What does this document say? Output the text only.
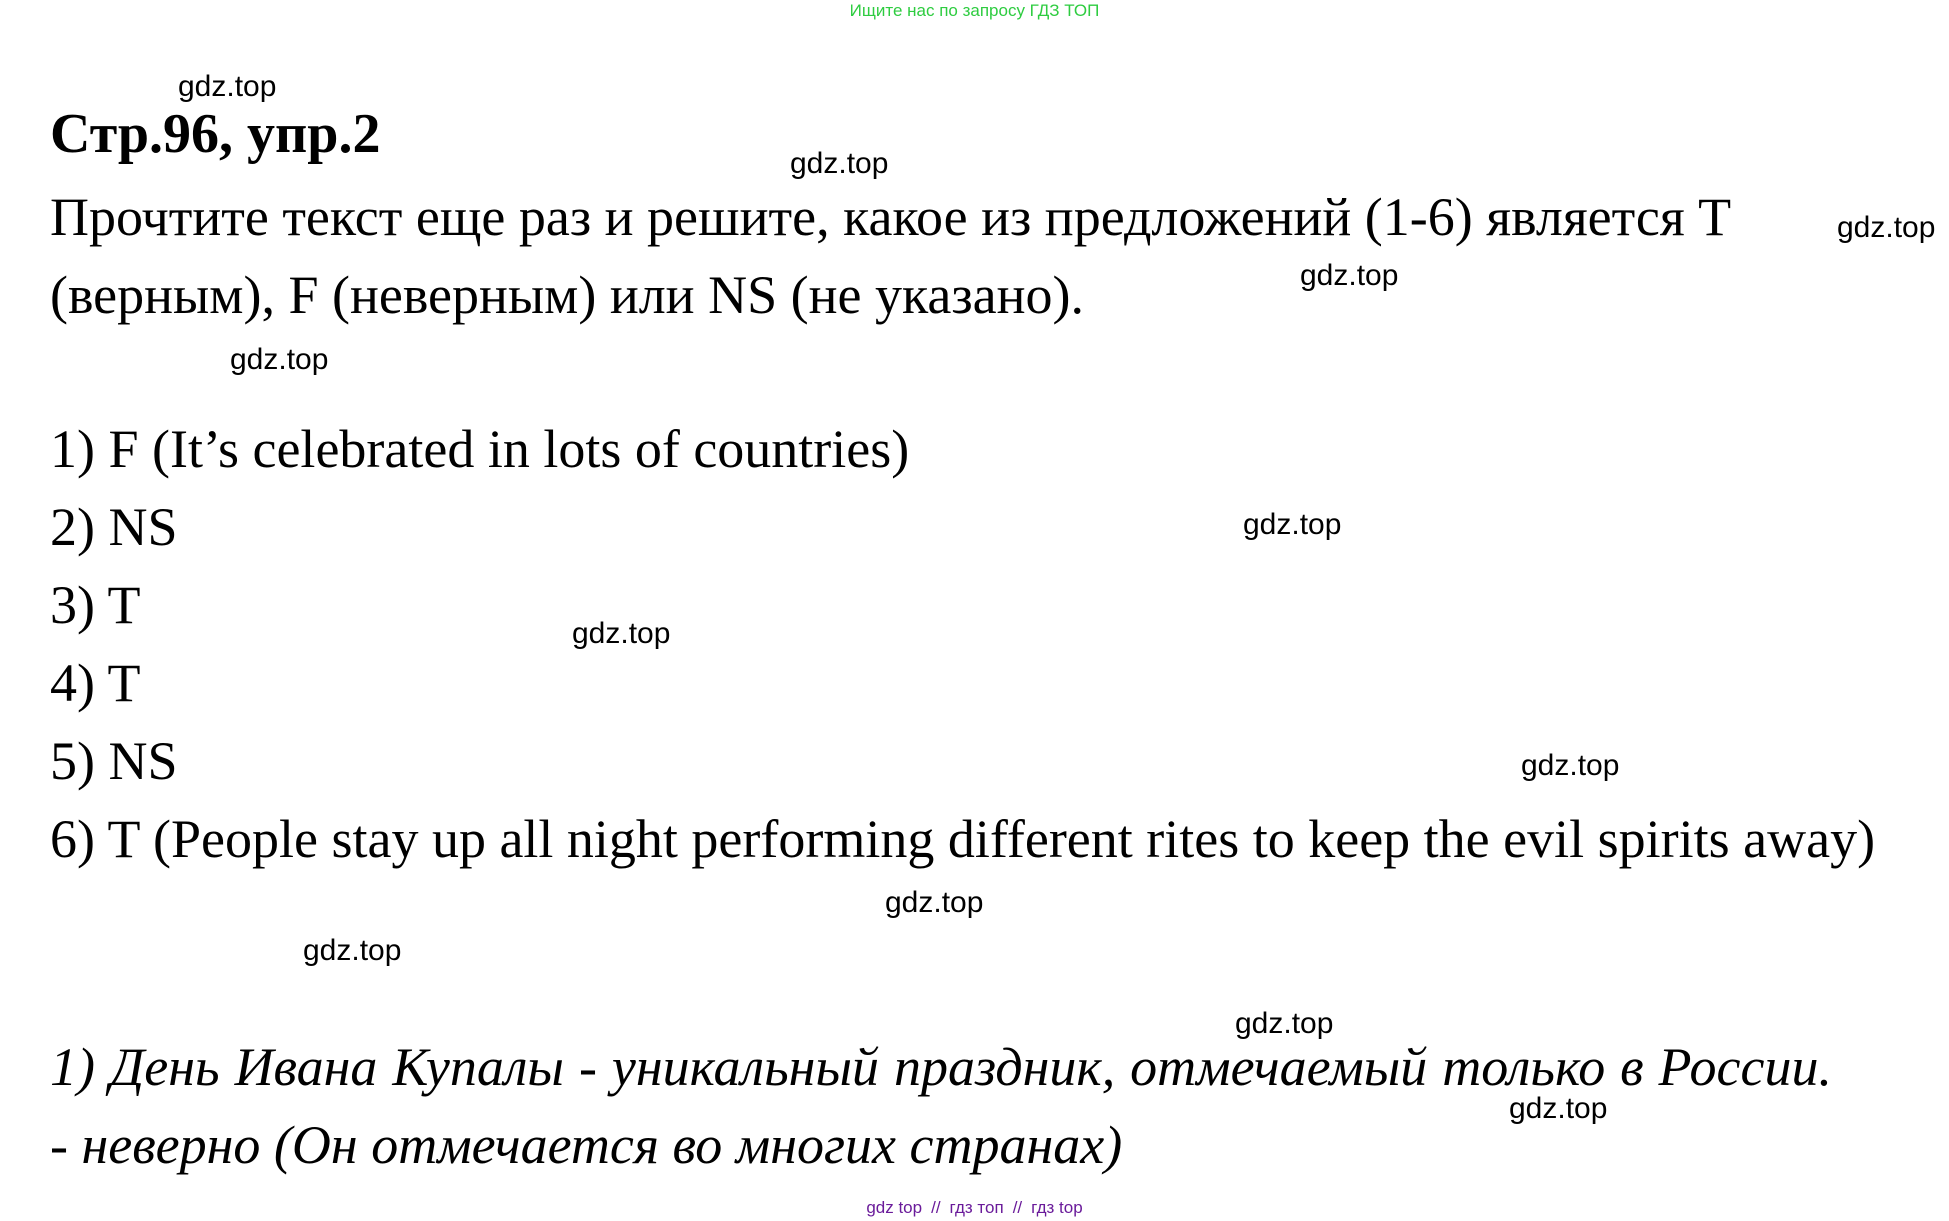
Ищите нас по запросу ГДЗ ТОП
Стр.96, упр.2

Прочтите текст еще раз и решите, какое из предложений (1-6) является Т (верным), F (неверным) или NS (не указано).

1) F (It’s celebrated in lots of countries)
2) NS
3) T
4) T
5) NS
6) T (People stay up all night performing different rites to keep the evil spirits away)

1) День Ивана Купалы - уникальный праздник, отмечаемый только в России. - неверно (Он отмечается во многих странах)

gdz.top
gdz.top
gdz.top
gdz.top
gdz.top
gdz.top
gdz.top
gdz.top
gdz.top
gdz.top
gdz.top
gdz.top
gdz top // гдз топ // гдз top
